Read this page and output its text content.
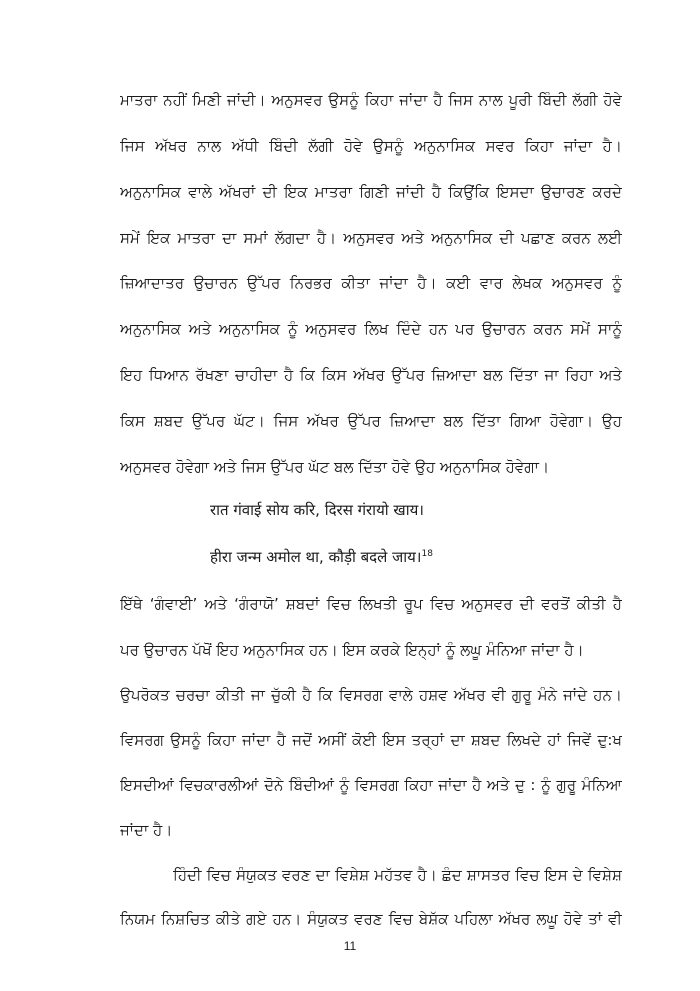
ਮਾਤਰਾ ਨਹੀਂ ਮਿਣੀ ਜਾਂਦੀ। ਅਨੁਸਵਰ ਉਸਨੂੰ ਕਿਹਾ ਜਾਂਦਾ ਹੈ ਜਿਸ ਨਾਲ ਪੂਰੀ ਬਿੰਦੀ ਲੱਗੀ ਹੋਵੇ
ਜਿਸ ਅੱਖਰ ਨਾਲ ਅੱਧੀ ਬਿੰਦੀ ਲੱਗੀ ਹੋਵੇ ਉਸਨੂੰ ਅਨੁਨਾਸਿਕ ਸਵਰ ਕਿਹਾ ਜਾਂਦਾ ਹੈ।
ਅਨੁਨਾਸਿਕ ਵਾਲੇ ਅੱਖਰਾਂ ਦੀ ਇਕ ਮਾਤਰਾ ਗਿਣੀ ਜਾਂਦੀ ਹੈ ਕਿਉਂਕਿ ਇਸਦਾ ਉਚਾਰਣ ਕਰਦੇ
ਸਮੇਂ ਇਕ ਮਾਤਰਾ ਦਾ ਸਮਾਂ ਲੱਗਦਾ ਹੈ। ਅਨੁਸਵਰ ਅਤੇ ਅਨੁਨਾਸਿਕ ਦੀ ਪਛਾਣ ਕਰਨ ਲਈ
ਜ਼ਿਆਦਾਤਰ ਉਚਾਰਨ ਉੱਪਰ ਨਿਰਭਰ ਕੀਤਾ ਜਾਂਦਾ ਹੈ। ਕਈ ਵਾਰ ਲੇਖਕ ਅਨੁਸਵਰ ਨੂੰ
ਅਨੁਨਾਸਿਕ ਅਤੇ ਅਨੁਨਾਸਿਕ ਨੂੰ ਅਨੁਸਵਰ ਲਿਖ ਦਿੰਦੇ ਹਨ ਪਰ ਉਚਾਰਨ ਕਰਨ ਸਮੇਂ ਸਾਨੂੰ
ਇਹ ਧਿਆਨ ਰੱਖਣਾ ਚਾਹੀਦਾ ਹੈ ਕਿ ਕਿਸ ਅੱਖਰ ਉੱਪਰ ਜ਼ਿਆਦਾ ਬਲ ਦਿੱਤਾ ਜਾ ਰਿਹਾ ਅਤੇ
ਕਿਸ ਸ਼ਬਦ ਉੱਪਰ ਘੱਟ। ਜਿਸ ਅੱਖਰ ਉੱਪਰ ਜ਼ਿਆਦਾ ਬਲ ਦਿੱਤਾ ਗਿਆ ਹੋਵੇਗਾ। ਉਹ
ਅਨੁਸਵਰ ਹੋਵੇਗਾ ਅਤੇ ਜਿਸ ਉੱਪਰ ਘੱਟ ਬਲ ਦਿੱਤਾ ਹੋਵੇ ਉਹ ਅਨੁਨਾਸਿਕ ਹੋਵੇਗਾ।
रात गंवाई सोय करि, दिरस गंरायो खाय।
हीरा जन्म अमोल था, कौड़ी बदले जाय।$^{18}$
ਇੱਥੇ ‘ਗੰਵਾਈ’ ਅਤੇ ‘ਗੰਰਾਯੋ’ ਸ਼ਬਦਾਂ ਵਿਚ ਲਿਖਤੀ ਰੂਪ ਵਿਚ ਅਨੁਸਵਰ ਦੀ ਵਰਤੋਂ ਕੀਤੀ ਹੈ
ਪਰ ਉਚਾਰਨ ਪੱਖੋਂ ਇਹ ਅਨੁਨਾਸਿਕ ਹਨ। ਇਸ ਕਰਕੇ ਇਨ੍ਹਾਂ ਨੂੰ ਲਘੂ ਮੰਨਿਆ ਜਾਂਦਾ ਹੈ।
ਉਪਰੋਕਤ ਚਰਚਾ ਕੀਤੀ ਜਾ ਚੁੱਕੀ ਹੈ ਕਿ ਵਿਸਰਗ ਵਾਲੇ ਹਸ਼ਵ ਅੱਖਰ ਵੀ ਗੁਰੂ ਮੰਨੇ ਜਾਂਦੇ ਹਨ।
ਵਿਸਰਗ ਉਸਨੂੰ ਕਿਹਾ ਜਾਂਦਾ ਹੈ ਜਦੋਂ ਅਸੀਂ ਕੋਈ ਇਸ ਤਰ੍ਹਾਂ ਦਾ ਸ਼ਬਦ ਲਿਖਦੇ ਹਾਂ ਜਿਵੇਂ ਦੁ:ਖ
ਇਸਦੀਆਂ ਵਿਚਕਾਰਲੀਆਂ ਦੋਨੇ ਬਿੰਦੀਆਂ ਨੂੰ ਵਿਸਰਗ ਕਿਹਾ ਜਾਂਦਾ ਹੈ ਅਤੇ ਦੁ : ਨੂੰ ਗੁਰੂ ਮੰਨਿਆ
ਜਾਂਦਾ ਹੈ।
ਹਿੰਦੀ ਵਿਚ ਸੰਯੁਕਤ ਵਰਣ ਦਾ ਵਿਸ਼ੇਸ਼ ਮਹੱਤਵ ਹੈ। ਛੰਦ ਸ਼ਾਸਤਰ ਵਿਚ ਇਸ ਦੇ ਵਿਸ਼ੇਸ਼
ਨਿਯਮ ਨਿਸ਼ਚਿਤ ਕੀਤੇ ਗਏ ਹਨ। ਸੰਯੁਕਤ ਵਰਣ ਵਿਚ ਬੇਸ਼ੱਕ ਪਹਿਲਾ ਅੱਖਰ ਲਘੂ ਹੋਵੇ ਤਾਂ ਵੀ
11
